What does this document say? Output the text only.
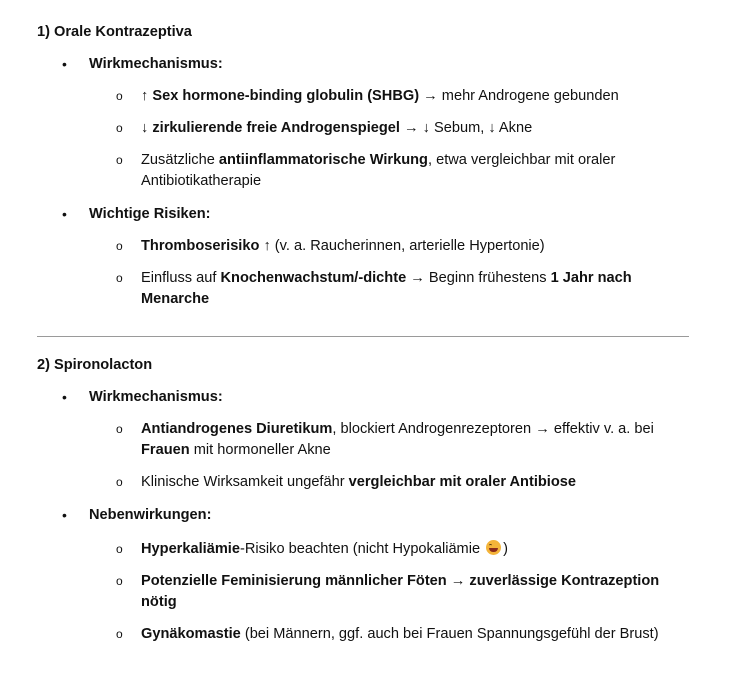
1) Orale Kontrazeptiva

• Wirkmechanismus:
o ↑ Sex hormone-binding globulin (SHBG) → mehr Androgene gebunden
o ↓ zirkulierende freie Androgenspiegel → ↓ Sebum, ↓ Akne
o Zusätzliche antiinflammatorische Wirkung, etwa vergleichbar mit oraler Antibiotikatherapie
• Wichtige Risiken:
o Thromboserisiko ↑ (v. a. Raucherinnen, arterielle Hypertonie)
o Einfluss auf Knochenwachstum/-dichte → Beginn frühestens 1 Jahr nach Menarche

2) Spironolacton

• Wirkmechanismus:
o Antiandrogenes Diuretikum, blockiert Androgenrezeptoren → effektiv v. a. bei Frauen mit hormoneller Akne
o Klinische Wirksamkeit ungefähr vergleichbar mit oraler Antibiose
• Nebenwirkungen:
o Hyperkaliämie-Risiko beachten (nicht Hypokaliämie )
o Potenzielle Feminisierung männlicher Föten → zuverlässige Kontrazeption nötig
o Gynäkomastie (bei Männern, ggf. auch bei Frauen Spannungsgefühl der Brust)
